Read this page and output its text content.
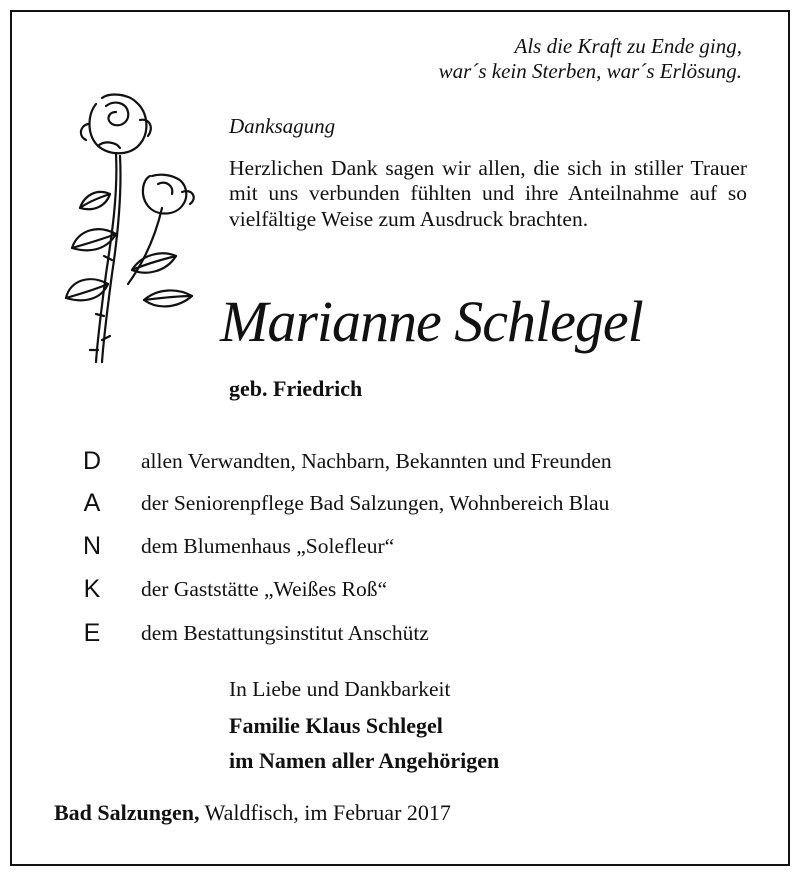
Als die Kraft zu Ende ging,
war´s kein Sterben, war´s Erlösung.
Danksagung
Herzlichen Dank sagen wir allen, die sich in stiller Trauer mit uns verbunden fühlten und ihre Anteilnahme auf so vielfältige Weise zum Ausdruck brachten.
Marianne Schlegel
geb. Friedrich
D	allen Verwandten, Nachbarn, Bekannten und Freunden
A	der Seniorenpflege Bad Salzungen, Wohnbereich Blau
N	dem Blumenhaus „Solefleur“
K	der Gaststätte „Weißes Roß“
E	dem Bestattungsinstitut Anschütz
In Liebe und Dankbarkeit
Familie Klaus Schlegel
im Namen aller Angehörigen
Bad Salzungen, Waldfisch, im Februar 2017
